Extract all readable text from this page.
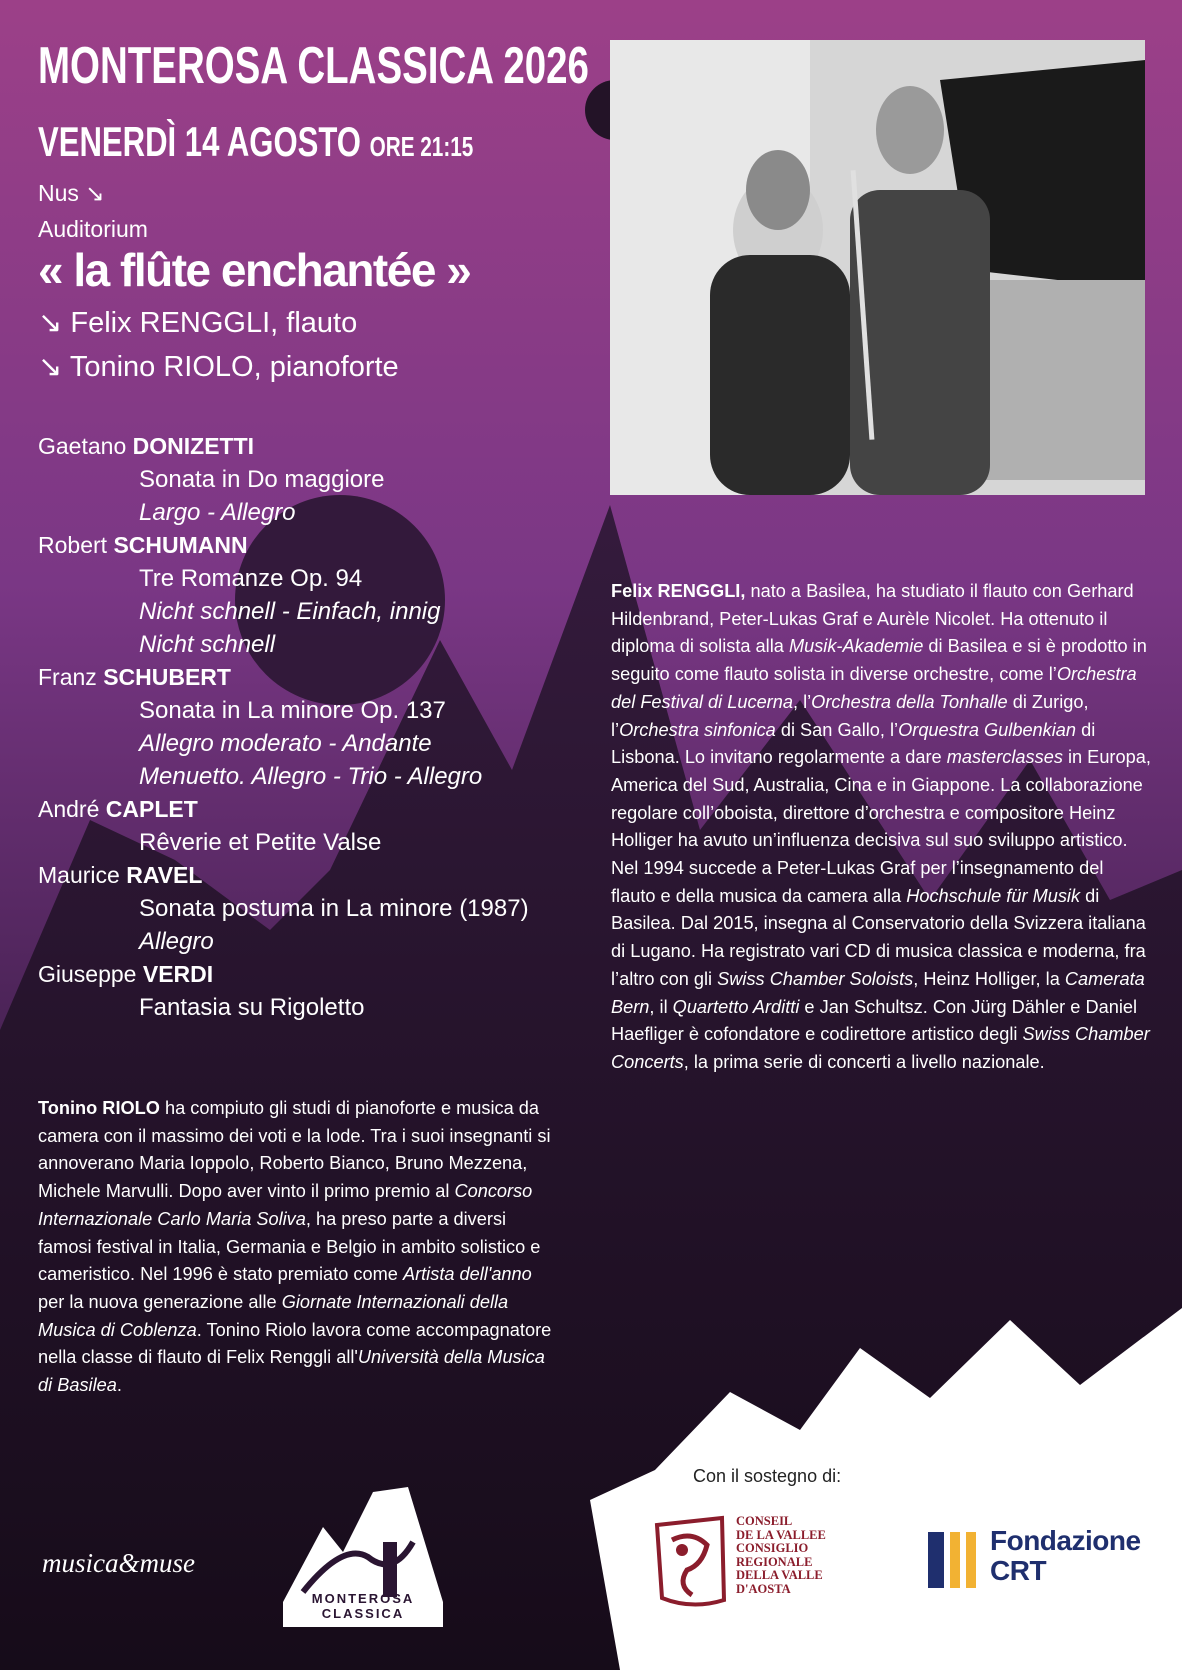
MONTEROSA CLASSICA 2026
VENERDÌ 14 AGOSTO ORE 21:15
Nus ↘
Auditorium
« la flûte enchantée »
↘ Felix RENGGLI, flauto
↘ Tonino RIOLO, pianoforte
Gaetano DONIZETTI
Sonata in Do maggiore
Largo - Allegro
Robert SCHUMANN
Tre Romanze Op. 94
Nicht schnell - Einfach, innig
Nicht schnell
Franz SCHUBERT
Sonata in La minore Op. 137
Allegro moderato - Andante
Menuetto. Allegro - Trio - Allegro
André CAPLET
Rêverie et Petite Valse
Maurice RAVEL
Sonata postuma in La minore (1987)
Allegro
Giuseppe VERDI
Fantasia su Rigoletto
Felix RENGGLI, nato a Basilea, ha studiato il flauto con Gerhard Hildenbrand, Peter-Lukas Graf e Aurèle Nicolet. Ha ottenuto il diploma di solista alla Musik-Akademie di Basilea e si è prodotto in seguito come flauto solista in diverse orchestre, come l’Orchestra del Festival di Lucerna, l’Orchestra della Tonhalle di Zurigo, l’Orchestra sinfonica di San Gallo, l’Orquestra Gulbenkian di Lisbona. Lo invitano regolarmente a dare masterclasses in Europa, America del Sud, Australia, Cina e in Giappone. La collaborazione regolare coll’oboista, direttore d’orchestra e compositore Heinz Holliger ha avuto un’influenza decisiva sul suo sviluppo artistico. Nel 1994 succede a Peter-Lukas Graf per l’insegnamento del flauto e della musica da camera alla Hochschule für Musik di Basilea. Dal 2015, insegna al Conservatorio della Svizzera italiana di Lugano. Ha registrato vari CD di musica classica e moderna, fra l’altro con gli Swiss Chamber Soloists, Heinz Holliger, la Camerata Bern, il Quartetto Arditti e Jan Schultsz. Con Jürg Dähler e Daniel Haefliger è cofondatore e codirettore artistico degli Swiss Chamber Concerts, la prima serie di concerti a livello nazionale.
Tonino RIOLO ha compiuto gli studi di pianoforte e musica da camera con il massimo dei voti e la lode. Tra i suoi insegnanti si annoverano Maria Ioppolo, Roberto Bianco, Bruno Mezzena, Michele Marvulli. Dopo aver vinto il primo premio al Concorso Internazionale Carlo Maria Soliva, ha preso parte a diversi famosi festival in Italia, Germania e Belgio in ambito solistico e cameristico. Nel 1996 è stato premiato come Artista dell'anno per la nuova generazione alle Giornate Internazionali della Musica di Coblenza. Tonino Riolo lavora come accompagnatore nella classe di flauto di Felix Renggli all'Università della Musica di Basilea.
Con il sostegno di:
musica&muse
MONTEROSA CLASSICA
CONSEIL
DE LA VALLEE
CONSIGLIO
REGIONALE
DELLA VALLE
D'AOSTA
Fondazione
CRT
